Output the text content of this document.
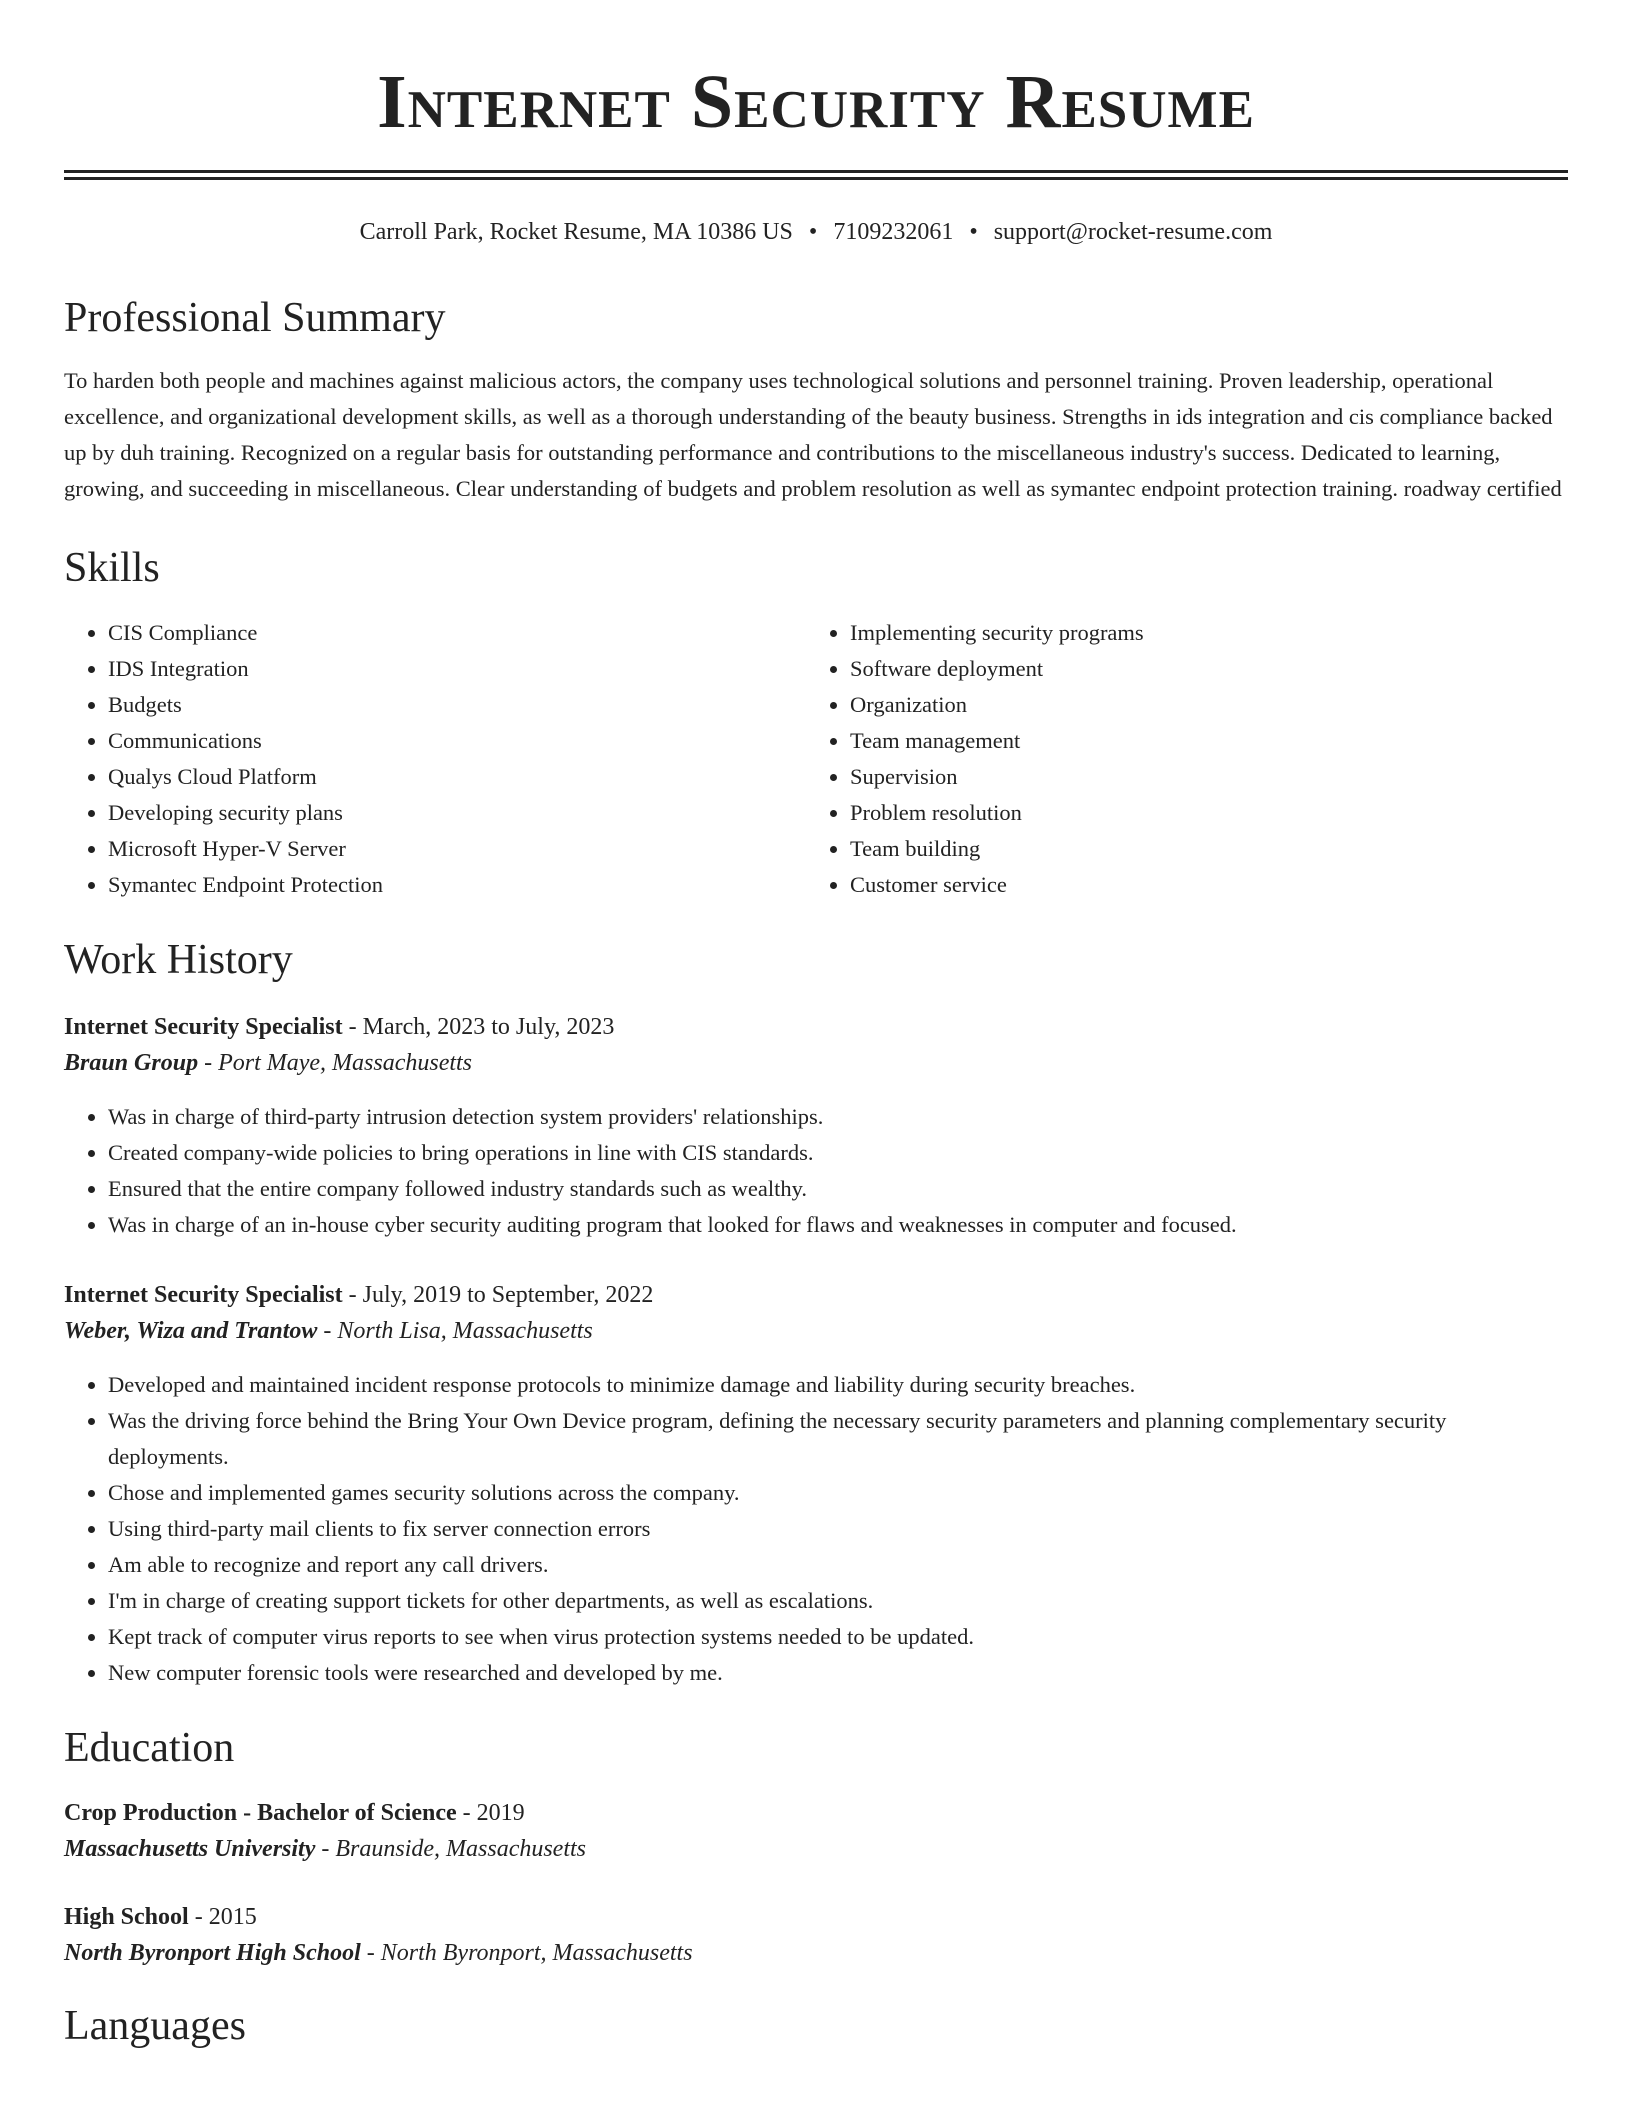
Internet Security Resume
Carroll Park, Rocket Resume, MA 10386 US • 7109232061 • support@rocket-resume.com
Professional Summary

To harden both people and machines against malicious actors, the company uses technological solutions and personnel training. Proven leadership, operational excellence, and organizational development skills, as well as a thorough understanding of the beauty business. Strengths in ids integration and cis compliance backed up by duh training. Recognized on a regular basis for outstanding performance and contributions to the miscellaneous industry's success. Dedicated to learning, growing, and succeeding in miscellaneous. Clear understanding of budgets and problem resolution as well as symantec endpoint protection training. roadway certified

Skills
• CIS Compliance
• IDS Integration
• Budgets
• Communications
• Qualys Cloud Platform
• Developing security plans
• Microsoft Hyper-V Server
• Symantec Endpoint Protection
• Implementing security programs
• Software deployment
• Organization
• Team management
• Supervision
• Problem resolution
• Team building
• Customer service
Work History
Internet Security Specialist - March, 2023 to July, 2023
Braun Group - Port Maye, Massachusetts
• Was in charge of third-party intrusion detection system providers' relationships.
• Created company-wide policies to bring operations in line with CIS standards.
• Ensured that the entire company followed industry standards such as wealthy.
• Was in charge of an in-house cyber security auditing program that looked for flaws and weaknesses in computer and focused.
Internet Security Specialist - July, 2019 to September, 2022
Weber, Wiza and Trantow - North Lisa, Massachusetts
• Developed and maintained incident response protocols to minimize damage and liability during security breaches.
• Was the driving force behind the Bring Your Own Device program, defining the necessary security parameters and planning complementary security deployments.
• Chose and implemented games security solutions across the company.
• Using third-party mail clients to fix server connection errors
• Am able to recognize and report any call drivers.
• I'm in charge of creating support tickets for other departments, as well as escalations.
• Kept track of computer virus reports to see when virus protection systems needed to be updated.
• New computer forensic tools were researched and developed by me.
Education
Crop Production - Bachelor of Science - 2019
Massachusetts University - Braunside, Massachusetts
High School - 2015
North Byronport High School - North Byronport, Massachusetts
Languages
